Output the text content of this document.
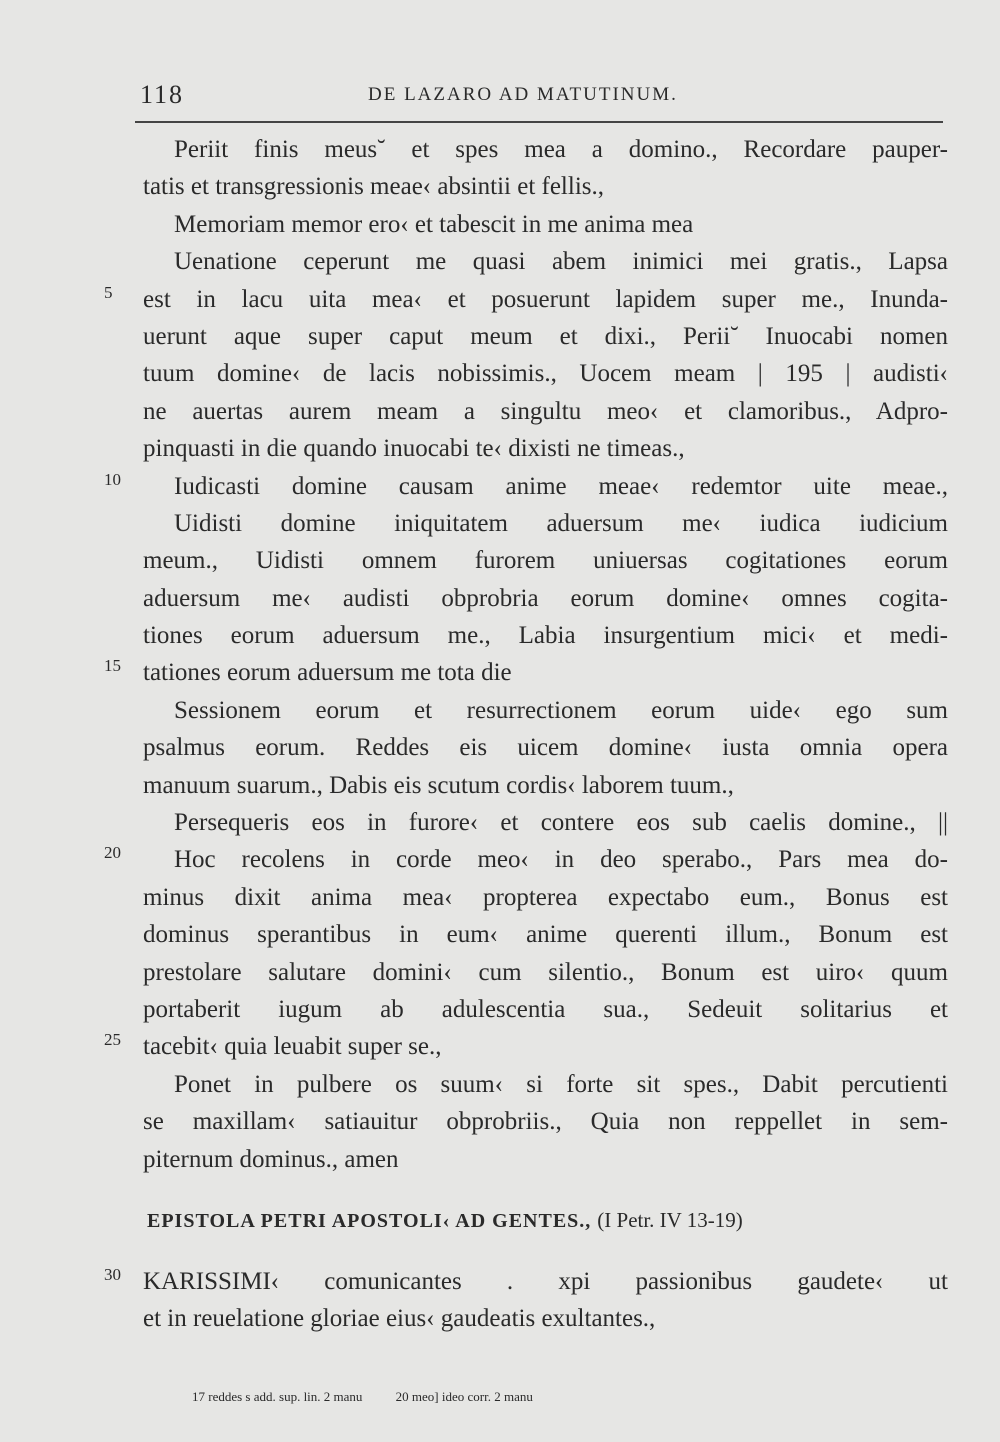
118	DE LAZARO AD MATUTINUM.
Periit finis meus˘ et spes mea a domino., Recordare pauper-
tatis et transgressionis meae‹ absintii et fellis.,
Memoriam memor ero‹ et tabescit in me anima mea
Uenatione ceperunt me quasi abem inimici mei gratis., Lapsa
5 est in lacu uita mea‹ et posuerunt lapidem super me., Inunda-
uerunt aque super caput meum et dixi., Perii˘ Inuocabi nomen
tuum domine‹ de lacis nobissimis., Uocem meam | 195 | audisti‹
ne auertas aurem meam a singultu meo‹ et clamoribus., Adpro-
pinquasti in die quando inuocabi te‹ dixisti ne timeas.,
10 Iudicasti domine causam anime meae‹ redemtor uite meae.,
Uidisti domine iniquitatem aduersum me‹ iudica iudicium
meum., Uidisti omnem furorem uniuersas cogitationes eorum
aduersum me‹ audisti obprobria eorum domine‹ omnes cogita-
tiones eorum aduersum me., Labia insurgentium mici‹ et medi-
15 tationes eorum aduersum me tota die
Sessionem eorum et resurrectionem eorum uide‹ ego sum
psalmus eorum. Reddes eis uicem domine‹ iusta omnia opera
manuum suarum., Dabis eis scutum cordis‹ laborem tuum.,
Persequeris eos in furore‹ et contere eos sub caelis domine., ||
20 Hoc recolens in corde meo‹ in deo sperabo., Pars mea do-
minus dixit anima mea‹ propterea expectabo eum., Bonus est
dominus sperantibus in eum‹ anime querenti illum., Bonum est
prestolare salutare domini‹ cum silentio., Bonum est uiro‹ quum
portaberit iugum ab adulescentia sua., Sedeuit solitarius et
25 tacebit‹ quia leuabit super se.,
Ponet in pulbere os suum‹ si forte sit spes., Dabit percutienti
se maxillam‹ satiauitur obprobriis., Quia non reppellet in sem-
piternum dominus., amen
EPISTOLA PETRI APOSTOLI‹ AD GENTES., (I Petr. IV 13-19)
30 KARISSIMI‹ comunicantes . xpi passionibus gaudete‹ ut
et in reuelatione gloriae eius‹ gaudeatis exultantes.,
17 reddes s add. sup. lin. 2 manu	20 meo] ideo corr. 2 manu
